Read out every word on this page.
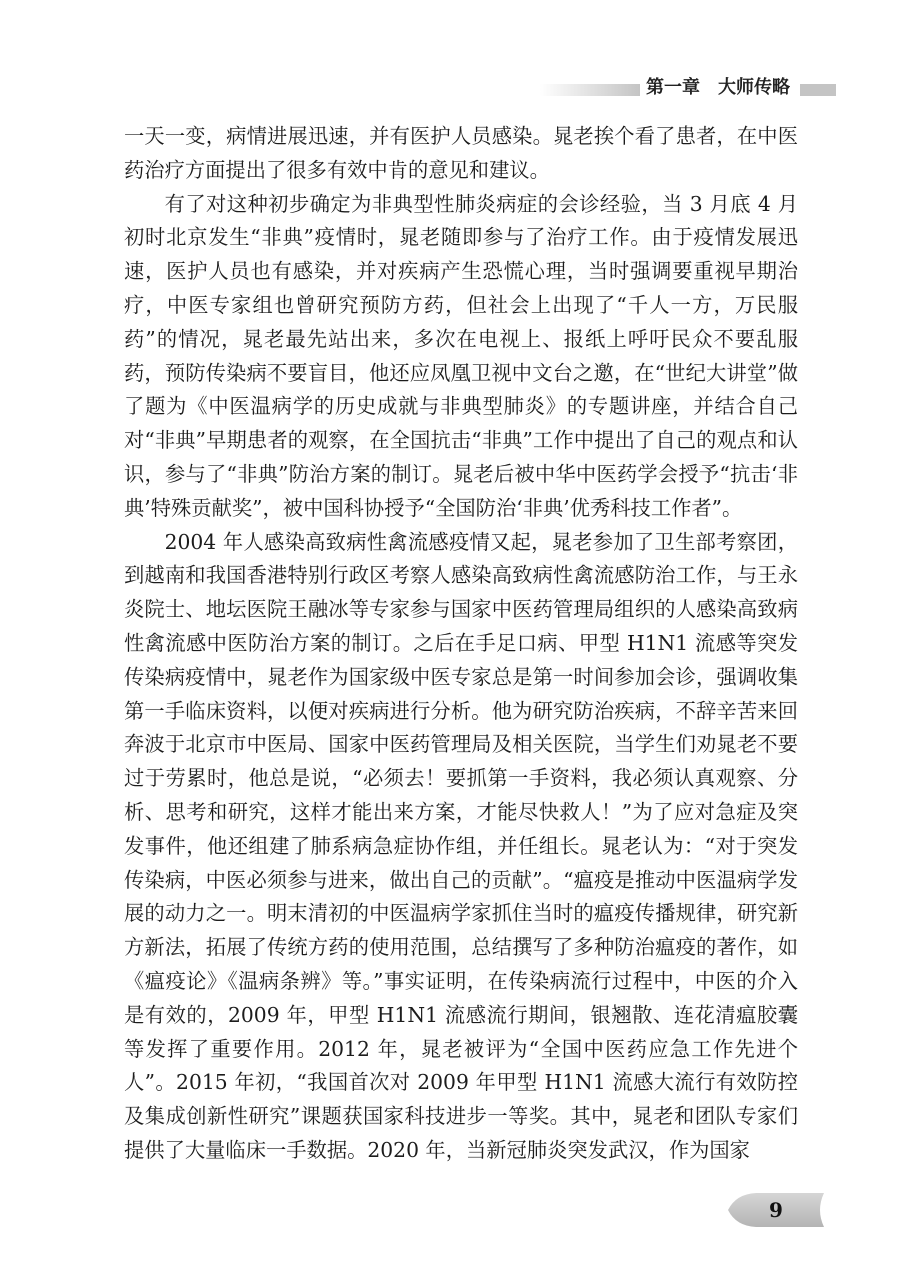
第一章 大师传略

一天一变，病情进展迅速，并有医护人员感染。晁老挨个看了患者，在中医药治疗方面提出了很多有效中肯的意见和建议。

有了对这种初步确定为非典型性肺炎病症的会诊经验，当 3 月底 4 月初时北京发生“非典”疫情时，晁老随即参与了治疗工作。由于疫情发展迅速，医护人员也有感染，并对疾病产生恐慌心理，当时强调要重视早期治疗，中医专家组也曾研究预防方药，但社会上出现了“千人一方，万民服药”的情况，晁老最先站出来，多次在电视上、报纸上呼吁民众不要乱服药，预防传染病不要盲目，他还应凤凰卫视中文台之邀，在“世纪大讲堂”做了题为《中医温病学的历史成就与非典型肺炎》的专题讲座，并结合自己对“非典”早期患者的观察，在全国抗击“非典”工作中提出了自己的观点和认识，参与了“非典”防治方案的制订。晁老后被中华中医药学会授予“抗击‘非典’特殊贡献奖”，被中国科协授予“全国防治‘非典’优秀科技工作者”。

2004 年人感染高致病性禽流感疫情又起，晁老参加了卫生部考察团，到越南和我国香港特别行政区考察人感染高致病性禽流感防治工作，与王永炎院士、地坛医院王融冰等专家参与国家中医药管理局组织的人感染高致病性禽流感中医防治方案的制订。之后在手足口病、甲型 H1N1 流感等突发传染病疫情中，晁老作为国家级中医专家总是第一时间参加会诊，强调收集第一手临床资料，以便对疾病进行分析。他为研究防治疾病，不辞辛苦来回奔波于北京市中医局、国家中医药管理局及相关医院，当学生们劝晁老不要过于劳累时，他总是说，“必须去！要抓第一手资料，我必须认真观察、分析、思考和研究，这样才能出来方案，才能尽快救人！”为了应对急症及突发事件，他还组建了肺系病急症协作组，并任组长。晁老认为：“对于突发传染病，中医必须参与进来，做出自己的贡献”。“瘟疫是推动中医温病学发展的动力之一。明末清初的中医温病学家抓住当时的瘟疫传播规律，研究新方新法，拓展了传统方药的使用范围，总结撰写了多种防治瘟疫的著作，如《瘟疫论》《温病条辨》等。”事实证明，在传染病流行过程中，中医的介入是有效的，2009 年，甲型 H1N1 流感流行期间，银翘散、连花清瘟胶囊等发挥了重要作用。2012 年，晁老被评为“全国中医药应急工作先进个人”。2015 年初，“我国首次对 2009 年甲型 H1N1 流感大流行有效防控及集成创新性研究”课题获国家科技进步一等奖。其中，晁老和团队专家们提供了大量临床一手数据。2020 年，当新冠肺炎突发武汉，作为国家

9
